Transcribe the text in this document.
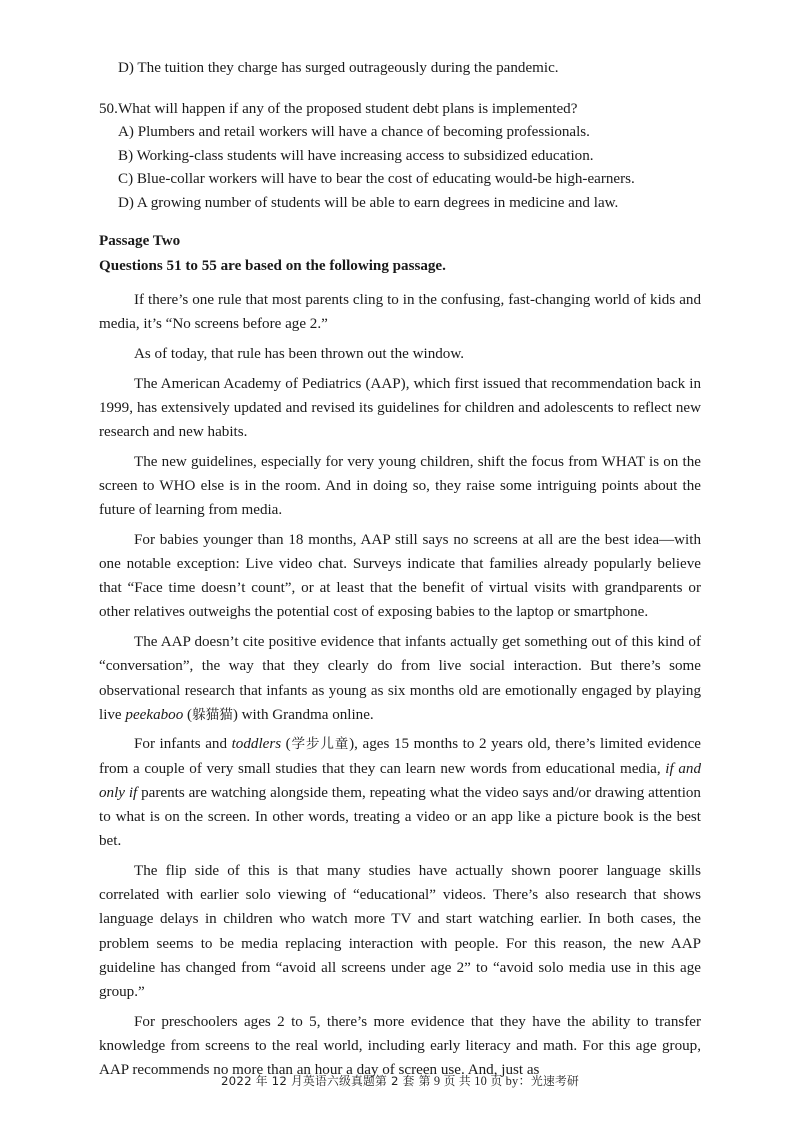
D) The tuition they charge has surged outrageously during the pandemic.

50.What will happen if any of the proposed student debt plans is implemented?

A) Plumbers and retail workers will have a chance of becoming professionals.

B) Working-class students will have increasing access to subsidized education.

C) Blue-collar workers will have to bear the cost of educating would-be high-earners.

D) A growing number of students will be able to earn degrees in medicine and law.

Passage Two

Questions 51 to 55 are based on the following passage.

If there’s one rule that most parents cling to in the confusing, fast-changing world of kids and media, it’s “No screens before age 2.”

As of today, that rule has been thrown out the window.

The American Academy of Pediatrics (AAP), which first issued that recommendation back in 1999, has extensively updated and revised its guidelines for children and adolescents to reflect new research and new habits.

The new guidelines, especially for very young children, shift the focus from WHAT is on the screen to WHO else is in the room. And in doing so, they raise some intriguing points about the future of learning from media.

For babies younger than 18 months, AAP still says no screens at all are the best idea—with one notable exception: Live video chat. Surveys indicate that families already popularly believe that “Face time doesn’t count”, or at least that the benefit of virtual visits with grandparents or other relatives outweighs the potential cost of exposing babies to the laptop or smartphone.

The AAP doesn’t cite positive evidence that infants actually get something out of this kind of “conversation”, the way that they clearly do from live social interaction. But there’s some observational research that infants as young as six months old are emotionally engaged by playing live peekaboo (躲猫猫) with Grandma online.

For infants and toddlers (学步儿童), ages 15 months to 2 years old, there’s limited evidence from a couple of very small studies that they can learn new words from educational media, if and only if parents are watching alongside them, repeating what the video says and/or drawing attention to what is on the screen. In other words, treating a video or an app like a picture book is the best bet.

The flip side of this is that many studies have actually shown poorer language skills correlated with earlier solo viewing of “educational” videos. There’s also research that shows language delays in children who watch more TV and start watching earlier. In both cases, the problem seems to be media replacing interaction with people. For this reason, the new AAP guideline has changed from “avoid all screens under age 2” to “avoid solo media use in this age group.”

For preschoolers ages 2 to 5, there’s more evidence that they have the ability to transfer knowledge from screens to the real world, including early literacy and math. For this age group, AAP recommends no more than an hour a day of screen use. And, just as

2022 年 12 月英语六级真题第 2 套 第 9 页 共 10 页 by：光速考研
